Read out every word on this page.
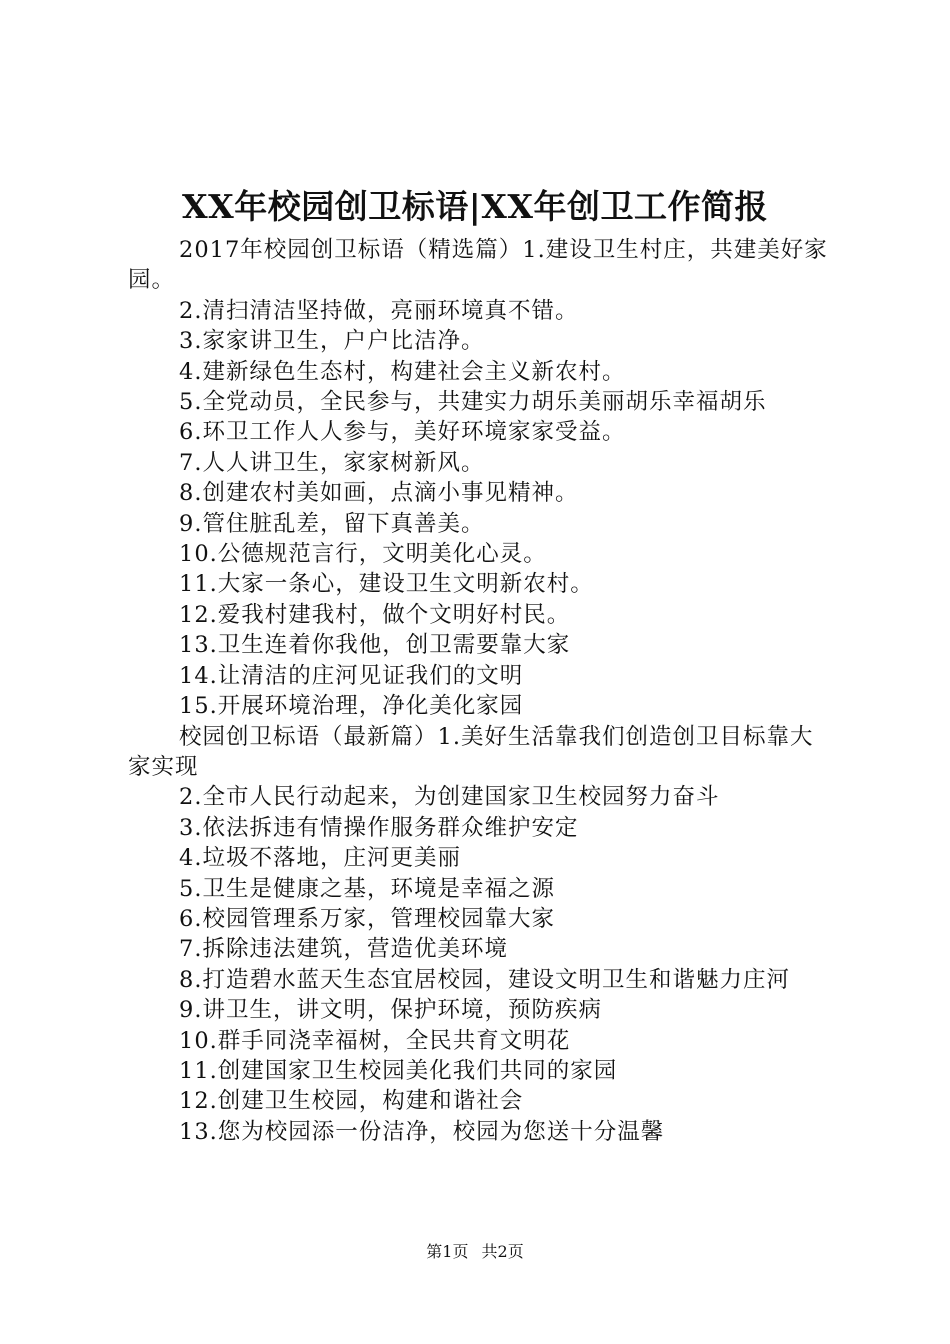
XX年校园创卫标语|XX年创卫工作简报

2017年校园创卫标语（精选篇）1.建设卫生村庄，共建美好家园。

2.清扫清洁坚持做，亮丽环境真不错。

3.家家讲卫生，户户比洁净。

4.建新绿色生态村，构建社会主义新农村。

5.全党动员，全民参与，共建实力胡乐美丽胡乐幸福胡乐

6.环卫工作人人参与，美好环境家家受益。

7.人人讲卫生，家家树新风。

8.创建农村美如画，点滴小事见精神。

9.管住脏乱差，留下真善美。

10.公德规范言行，文明美化心灵。

11.大家一条心，建设卫生文明新农村。

12.爱我村建我村，做个文明好村民。

13.卫生连着你我他，创卫需要靠大家

14.让清洁的庄河见证我们的文明

15.开展环境治理，净化美化家园

校园创卫标语（最新篇）1.美好生活靠我们创造创卫目标靠大家实现

2.全市人民行动起来，为创建国家卫生校园努力奋斗

3.依法拆违有情操作服务群众维护安定

4.垃圾不落地，庄河更美丽

5.卫生是健康之基，环境是幸福之源

6.校园管理系万家，管理校园靠大家

7.拆除违法建筑，营造优美环境

8.打造碧水蓝天生态宜居校园，建设文明卫生和谐魅力庄河

9.讲卫生，讲文明，保护环境，预防疾病

10.群手同浇幸福树，全民共育文明花

11.创建国家卫生校园美化我们共同的家园

12.创建卫生校园，构建和谐社会

13.您为校园添一份洁净，校园为您送十分温馨

第1页 共2页
